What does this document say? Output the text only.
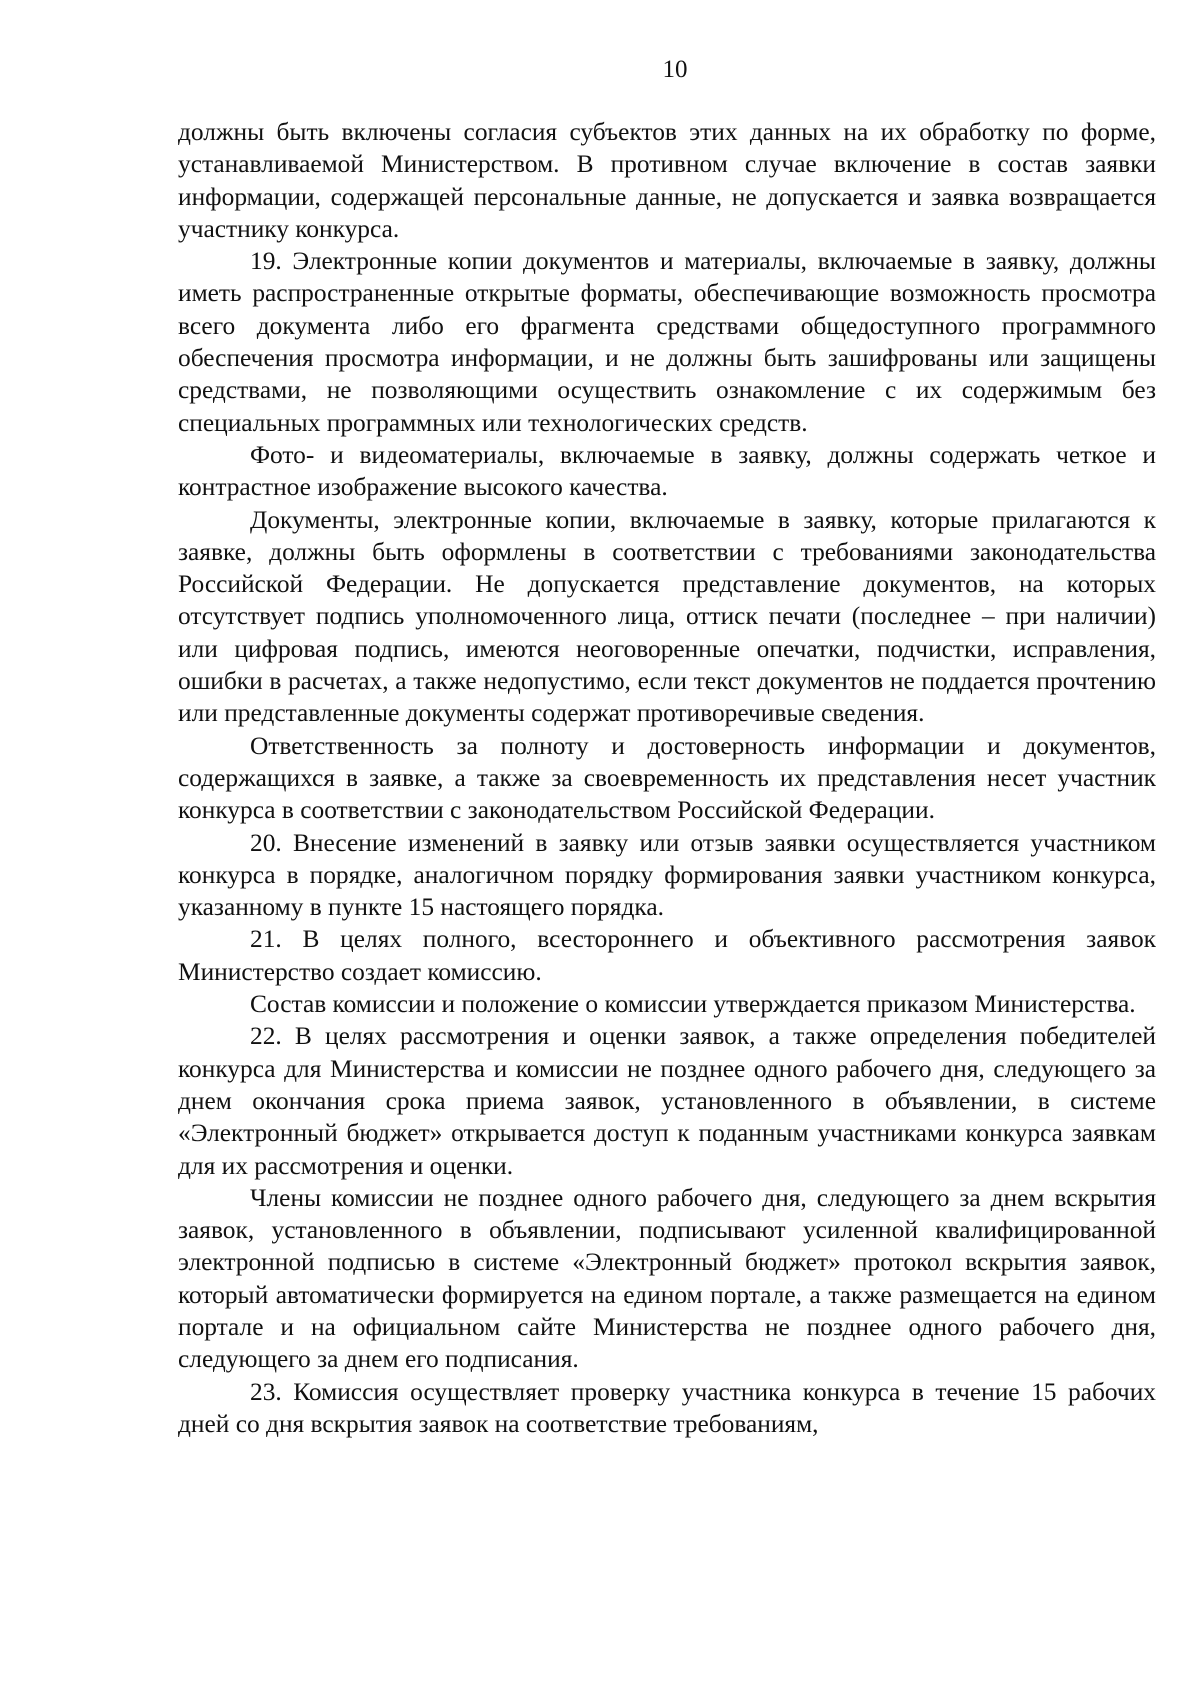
10

должны быть включены согласия субъектов этих данных на их обработку по форме, устанавливаемой Министерством. В противном случае включение в состав заявки информации, содержащей персональные данные, не допускается и заявка возвращается участнику конкурса.

19. Электронные копии документов и материалы, включаемые в заявку, должны иметь распространенные открытые форматы, обеспечивающие возможность просмотра всего документа либо его фрагмента средствами общедоступного программного обеспечения просмотра информации, и не должны быть зашифрованы или защищены средствами, не позволяющими осуществить ознакомление с их содержимым без специальных программных или технологических средств.

Фото- и видеоматериалы, включаемые в заявку, должны содержать четкое и контрастное изображение высокого качества.

Документы, электронные копии, включаемые в заявку, которые прилагаются к заявке, должны быть оформлены в соответствии с требованиями законодательства Российской Федерации. Не допускается представление документов, на которых отсутствует подпись уполномоченного лица, оттиск печати (последнее – при наличии) или цифровая подпись, имеются неоговоренные опечатки, подчистки, исправления, ошибки в расчетах, а также недопустимо, если текст документов не поддается прочтению или представленные документы содержат противоречивые сведения.

Ответственность за полноту и достоверность информации и документов, содержащихся в заявке, а также за своевременность их представления несет участник конкурса в соответствии с законодательством Российской Федерации.

20. Внесение изменений в заявку или отзыв заявки осуществляется участником конкурса в порядке, аналогичном порядку формирования заявки участником конкурса, указанному в пункте 15 настоящего порядка.

21. В целях полного, всестороннего и объективного рассмотрения заявок Министерство создает комиссию.

Состав комиссии и положение о комиссии утверждается приказом Министерства.

22. В целях рассмотрения и оценки заявок, а также определения победителей конкурса для Министерства и комиссии не позднее одного рабочего дня, следующего за днем окончания срока приема заявок, установленного в объявлении, в системе «Электронный бюджет» открывается доступ к поданным участниками конкурса заявкам для их рассмотрения и оценки.

Члены комиссии не позднее одного рабочего дня, следующего за днем вскрытия заявок, установленного в объявлении, подписывают усиленной квалифицированной электронной подписью в системе «Электронный бюджет» протокол вскрытия заявок, который автоматически формируется на едином портале, а также размещается на едином портале и на официальном сайте Министерства не позднее одного рабочего дня, следующего за днем его подписания.

23. Комиссия осуществляет проверку участника конкурса в течение 15 рабочих дней со дня вскрытия заявок на соответствие требованиям,
